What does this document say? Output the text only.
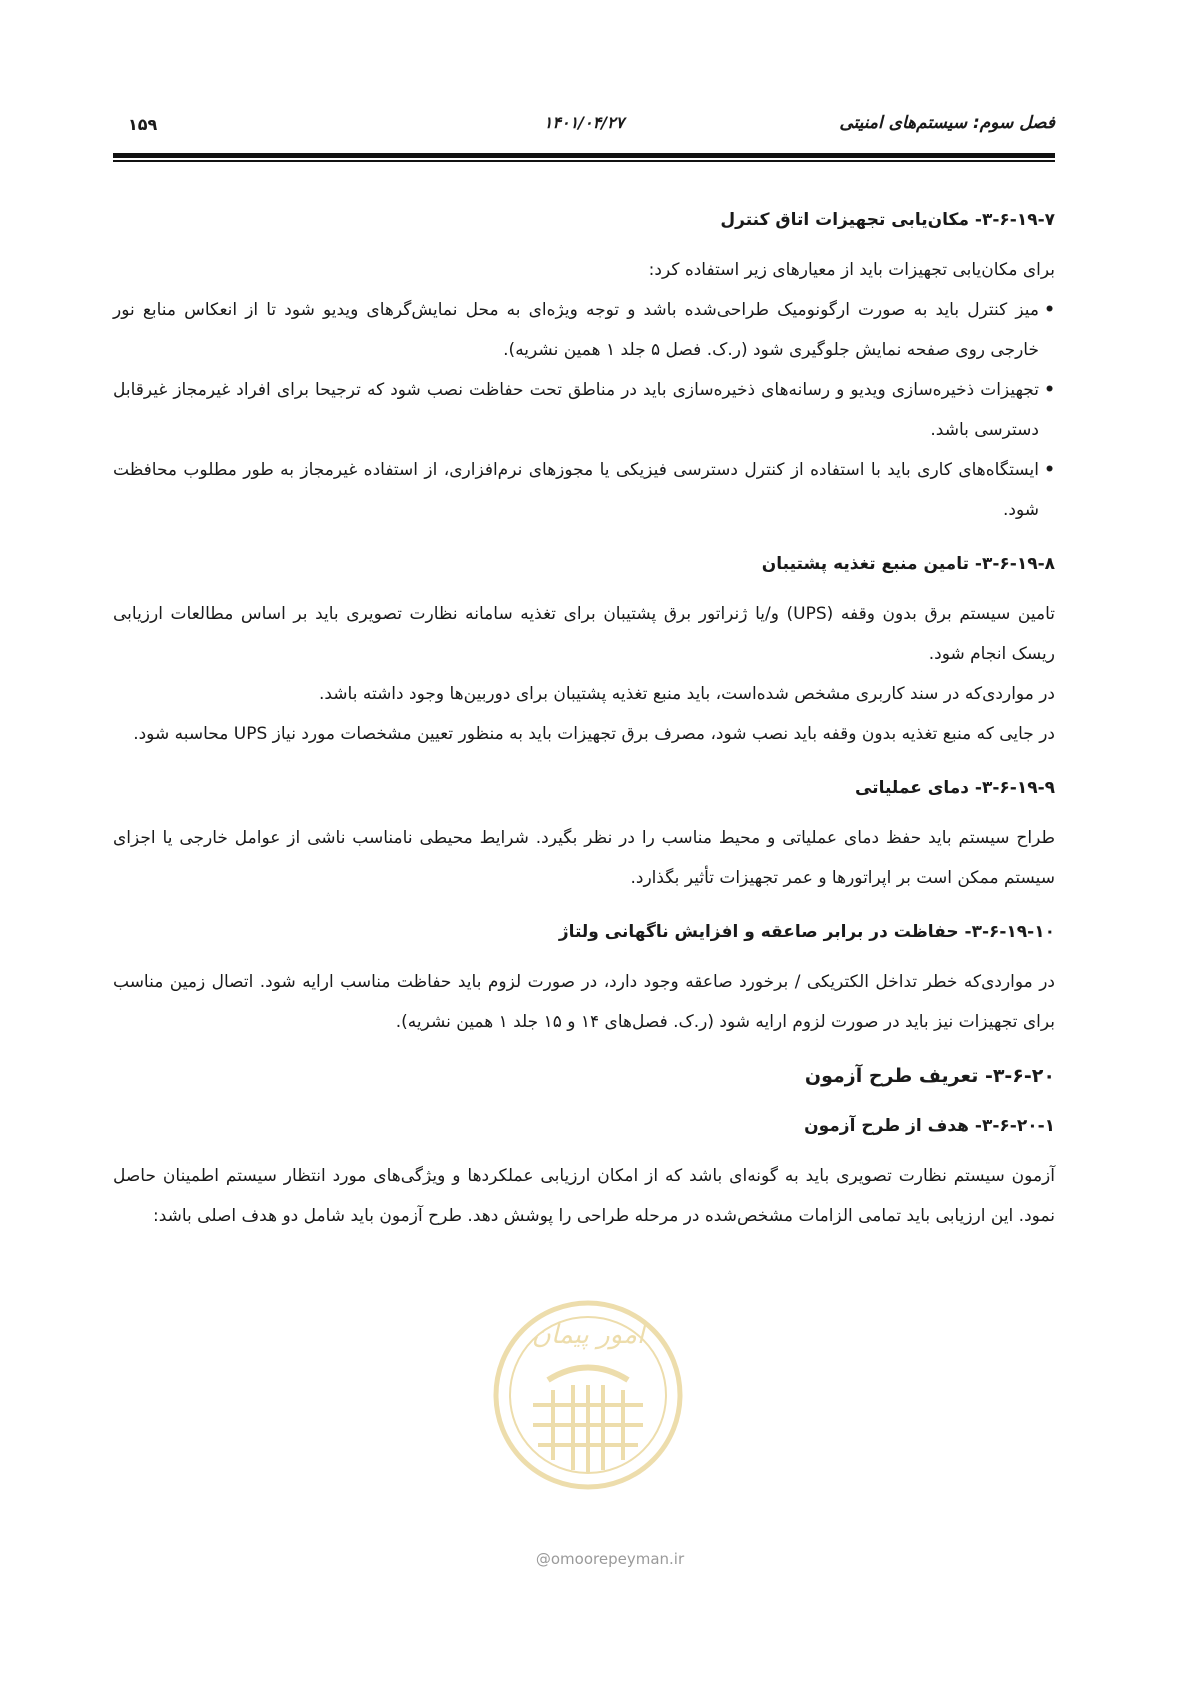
فصل سوم: سیستم‌های امنیتی
۱۴۰۱/۰۴/۲۷
۱۵۹
۳-۶-۱۹-۷- مکان‌یابی تجهیزات اتاق کنترل
برای مکان‌یابی تجهیزات باید از معیارهای زیر استفاده کرد:
•
میز کنترل باید به صورت ارگونومیک طراحی‌شده باشد و توجه ویژه‌ای به محل نمایش‌گرهای ویدیو شود تا از انعکاس منابع نور خارجی روی صفحه نمایش جلوگیری شود (ر.ک. فصل ۵ جلد ۱ همین نشریه).
•
تجهیزات ذخیره‌سازی ویدیو و رسانه‌های ذخیره‌سازی باید در مناطق تحت حفاظت نصب شود که ترجیحا برای افراد غیرمجاز غیرقابل دسترسی باشد.
•
ایستگاه‌های کاری باید با استفاده از کنترل دسترسی فیزیکی یا مجوزهای نرم‌افزاری، از استفاده غیرمجاز به طور مطلوب محافظت شود.
۳-۶-۱۹-۸- تامین منبع تغذیه پشتیبان
تامین سیستم برق بدون وقفه (UPS) و/یا ژنراتور برق پشتیبان برای تغذیه سامانه نظارت تصویری باید بر اساس مطالعات ارزیابی ریسک انجام شود.
در مواردی‌که در سند کاربری مشخص شده‌است، باید منبع تغذیه پشتیبان برای دوربین‌ها وجود داشته باشد.
در جایی که منبع تغذیه بدون وقفه باید نصب شود، مصرف برق تجهیزات باید به منظور تعیین مشخصات مورد نیاز UPS محاسبه شود.
۳-۶-۱۹-۹- دمای عملیاتی
طراح سیستم باید حفظ دمای عملیاتی و محیط مناسب را در نظر بگیرد. شرایط محیطی نامناسب ناشی از عوامل خارجی یا اجزای سیستم ممکن است بر اپراتورها و عمر تجهیزات تأثیر بگذارد.
۳-۶-۱۹-۱۰- حفاظت در برابر صاعقه و افزایش ناگهانی ولتاژ
در مواردی‌که خطر تداخل الکتریکی / برخورد صاعقه وجود دارد، در صورت لزوم باید حفاظت مناسب ارایه شود. اتصال زمین مناسب برای تجهیزات نیز باید در صورت لزوم ارایه شود (ر.ک. فصل‌های ۱۴ و ۱۵ جلد ۱ همین نشریه).
۳-۶-۲۰- تعریف طرح آزمون
۳-۶-۲۰-۱- هدف از طرح آزمون
آزمون سیستم نظارت تصویری باید به گونه‌ای باشد که از امکان ارزیابی عملکردها و ویژگی‌های مورد انتظار سیستم اطمینان حاصل نمود. این ارزیابی باید تمامی الزامات مشخص‌شده در مرحله طراحی را پوشش دهد. طرح آزمون باید شامل دو هدف اصلی باشد:
امور پیمان
@omoorepeyman.ir
